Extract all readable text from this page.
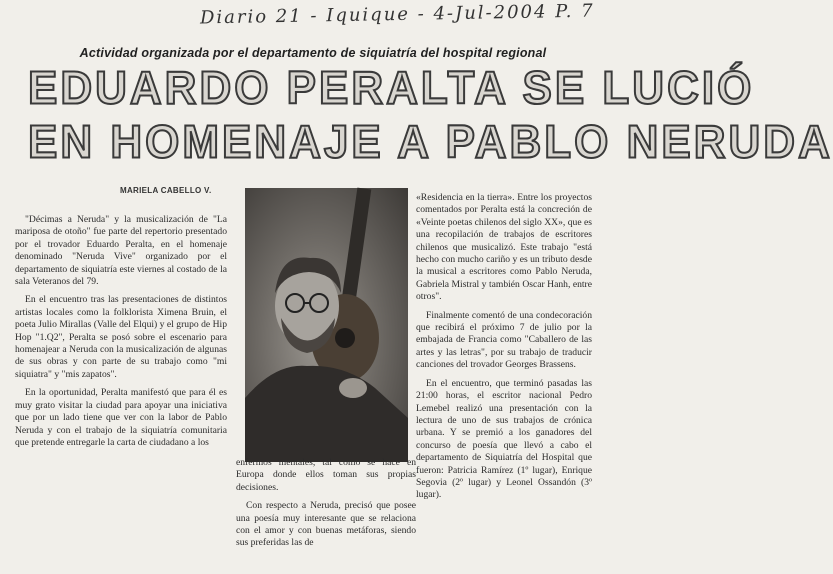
Diario 21 - Iquique - 4-Jul-2004 P. 7
Actividad organizada por el departamento de siquiatría del hospital regional
EDUARDO PERALTA SE LUCIÓ
EN HOMENAJE A PABLO NERUDA
MARIELA CABELLO V.

"Décimas a Neruda" y la musicalización de "La mariposa de otoño" fue parte del repertorio presentado por el trovador Eduardo Peralta, en el homenaje denominado "Neruda Vive" organizado por el departamento de siquiatría este viernes al costado de la sala Veteranos del 79.

En el encuentro tras las presentaciones de distintos artistas locales como la folklorista Ximena Bruin, el poeta Julio Mirallas (Valle del Elqui) y el grupo de Hip Hop "1.Q2", Peralta se posó sobre el escenario para homenajear a Neruda con la musicalización de algunas de sus obras y con parte de su trabajo como "mi siquiatra" y "mis zapatos".

En la oportunidad, Peralta manifestó que para él es muy grato visitar la ciudad para apoyar una iniciativa que por un lado tiene que ver con la labor de Pablo Neruda y con el trabajo de la siquiatría comunitaria que pretende entregarle la carta de ciudadano a los

enfermos mentales, tal como se hace en Europa donde ellos toman sus propias decisiones.

Con respecto a Neruda, precisó que posee una poesía muy interesante que se relaciona con el amor y con buenas metáforas, siendo sus preferidas las de

«Residencia en la tierra». Entre los proyectos comentados por Peralta está la concreción de «Veinte poetas chilenos del siglo XX», que es una recopilación de trabajos de escritores chilenos que musicalizó. Este trabajo "está hecho con mucho cariño y es un tributo desde la musical a escritores como Pablo Neruda, Gabriela Mistral y también Oscar Hanh, entre otros".

Finalmente comentó de una condecoración que recibirá el próximo 7 de julio por la embajada de Francia como "Caballero de las artes y las letras", por su trabajo de traducir canciones del trovador Georges Brassens.

En el encuentro, que terminó pasadas las 21:00 horas, el escritor nacional Pedro Lemebel realizó una presentación con la lectura de uno de sus trabajos de crónica urbana. Y se premió a los ganadores del concurso de poesía que llevó a cabo el departamento de Siquiatría del Hospital que fueron: Patricia Ramírez (1º lugar), Enrique Segovia (2º lugar) y Leonel Ossandón (3º lugar).
